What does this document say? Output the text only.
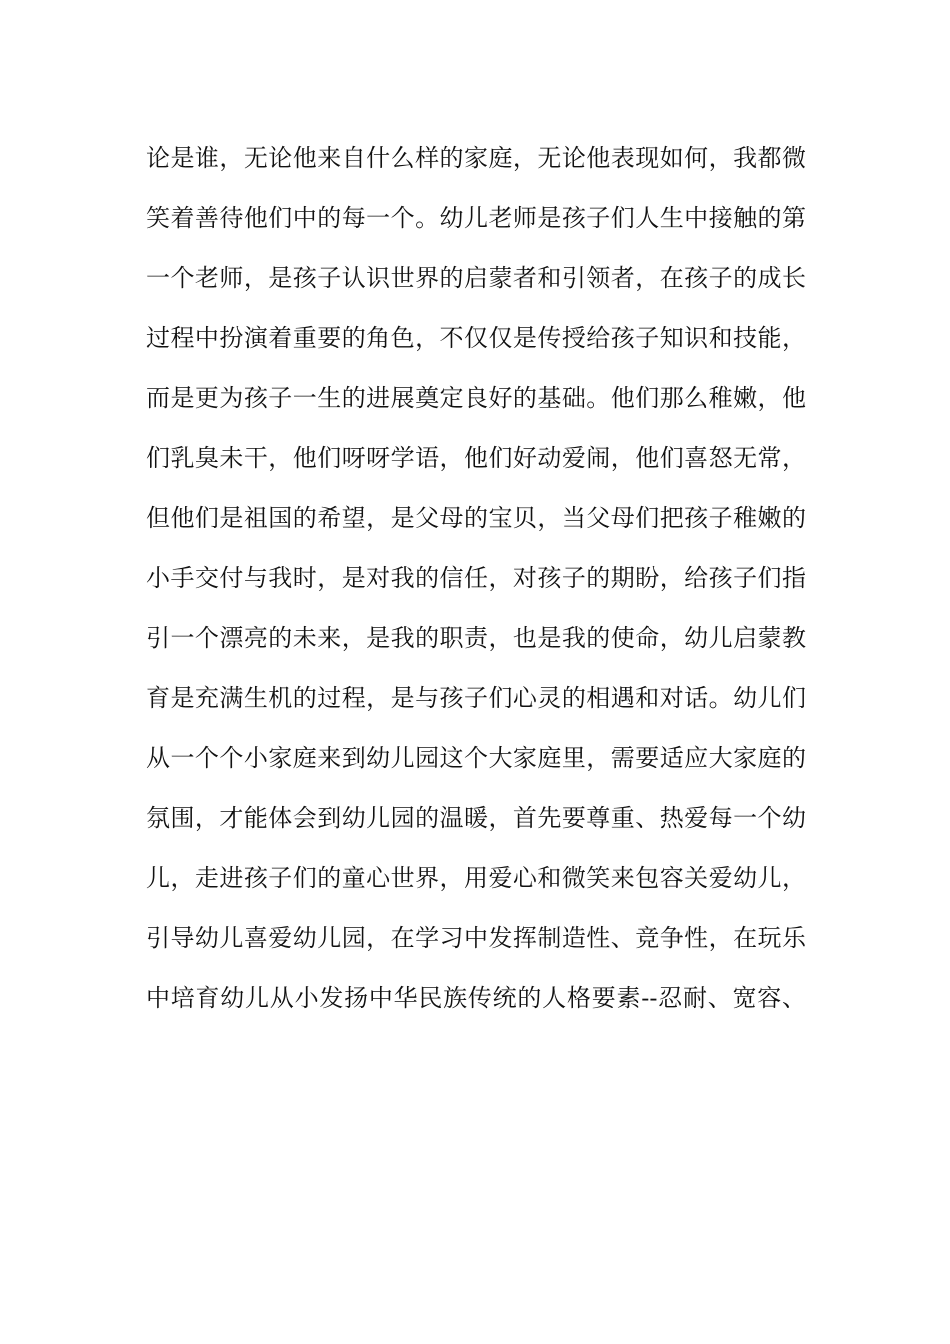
论是谁，无论他来自什么样的家庭，无论他表现如何，我都微
笑着善待他们中的每一个。幼儿老师是孩子们人生中接触的第
一个老师，是孩子认识世界的启蒙者和引领者，在孩子的成长
过程中扮演着重要的角色，不仅仅是传授给孩子知识和技能，
而是更为孩子一生的进展奠定良好的基础。他们那么稚嫩，他
们乳臭未干，他们呀呀学语，他们好动爱闹，他们喜怒无常，
但他们是祖国的希望，是父母的宝贝，当父母们把孩子稚嫩的
小手交付与我时，是对我的信任，对孩子的期盼，给孩子们指
引一个漂亮的未来，是我的职责，也是我的使命，幼儿启蒙教
育是充满生机的过程，是与孩子们心灵的相遇和对话。幼儿们
从一个个小家庭来到幼儿园这个大家庭里，需要适应大家庭的
氛围，才能体会到幼儿园的温暖，首先要尊重、热爱每一个幼
儿，走进孩子们的童心世界，用爱心和微笑来包容关爱幼儿，
引导幼儿喜爱幼儿园，在学习中发挥制造性、竞争性，在玩乐
中培育幼儿从小发扬中华民族传统的人格要素--忍耐、宽容、
